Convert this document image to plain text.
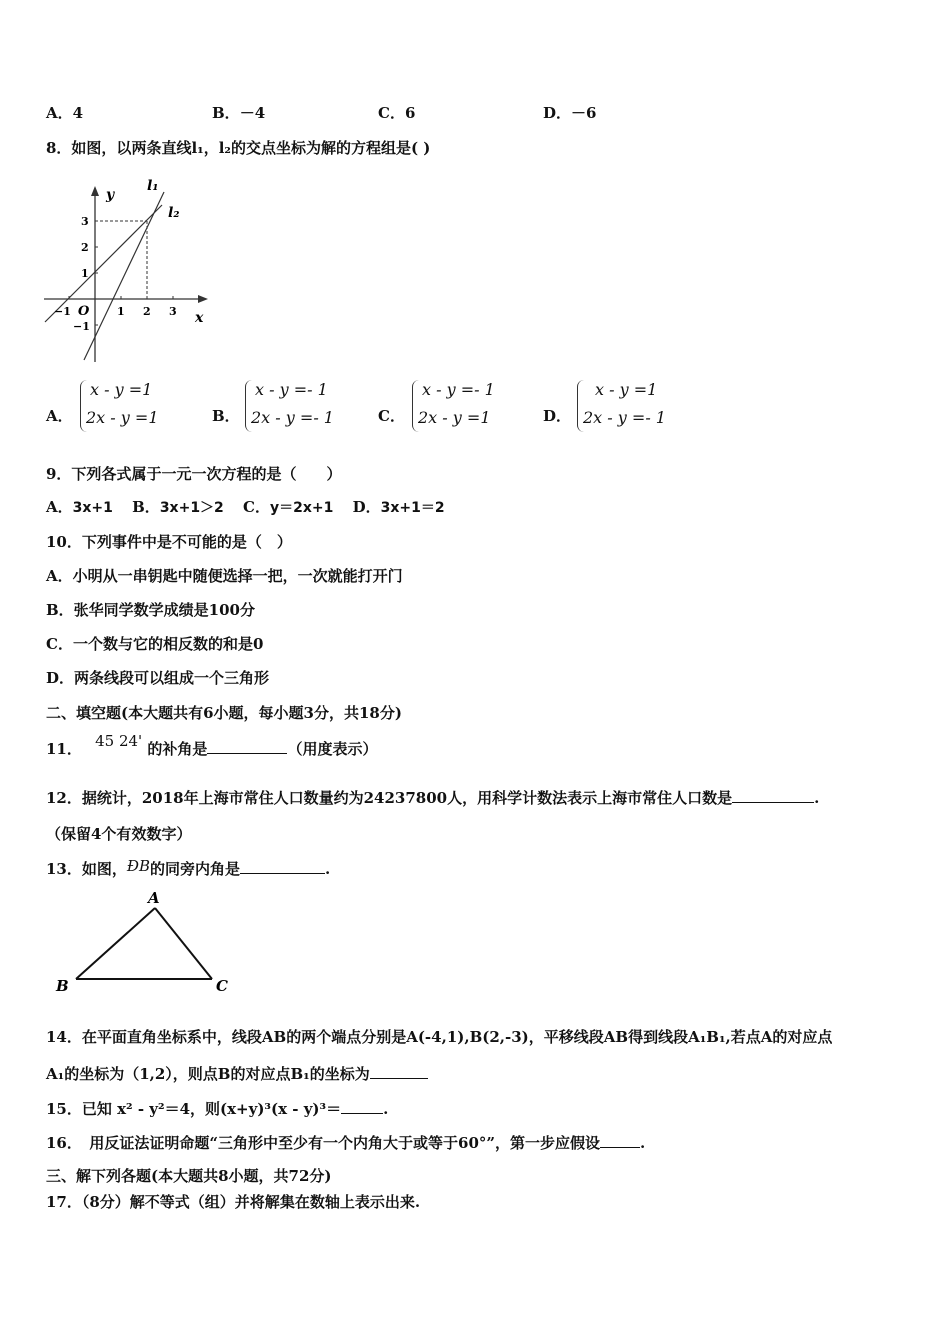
A．4	B．－4	C．6	D．－6
8．如图，以两条直线l₁，l₂的交点坐标为解的方程组是( )
y
x
O
l₁
l₂
−1	1 2 3
3
2
1
−1
A．
x - y =1
2x - y =1	B．
x - y =- 1
2x - y =- 1	C．
x - y =- 1
2x - y =1	D．
x - y =1
2x - y =- 1
9．下列各式属于一元一次方程的是（　　）
A．3x+1 B．3x+1＞2 C．y＝2x+1 D．3x+1＝2
10．下列事件中是不可能的是（　）
A．小明从一串钥匙中随便选择一把，一次就能打开门
B．张华同学数学成绩是100分
C．一个数与它的相反数的和是0
D．两条线段可以组成一个三角形
二、填空题(本大题共有6小题，每小题3分，共18分)
11． 45 24' 的补角是	（用度表示）
12．据统计，2018年上海市常住人口数量约为24237800人，用科学计数法表示上海市常住人口数是	.
（保留4个有效数字）
13．如图，ÐB的同旁内角是	.
A
B	C
14．在平面直角坐标系中，线段AB的两个端点分别是A(-4,1),B(2,-3)，平移线段AB得到线段A₁B₁,若点A的对应点
A₁的坐标为（1,2），则点B的对应点B₁的坐标为
15．已知 x² - y²＝4，则(x+y)³(x - y)³＝	.
16．　用反证法证明命题“三角形中至少有一个内角大于或等于60°”，第一步应假设	.
三、解下列各题(本大题共8小题，共72分)
17．（8分）解不等式（组）并将解集在数轴上表示出来.
